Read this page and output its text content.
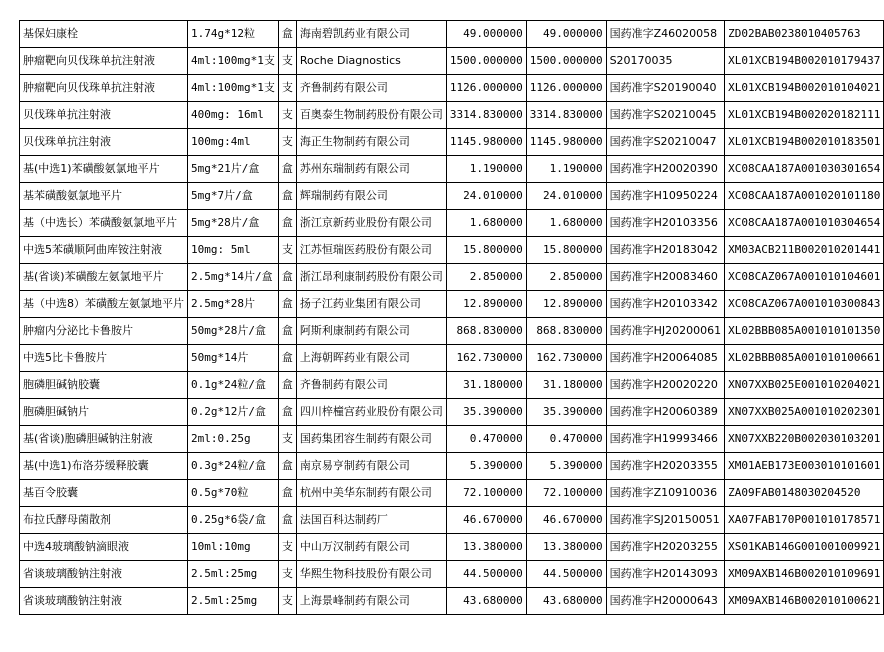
基保妇康栓	1.74g*12粒	盒	海南碧凯药业有限公司	49.000000	49.000000	国药准字Z46020058	ZD02BAB0238010405763
肿瘤靶向贝伐珠单抗注射液	4ml:100mg*1支	支	Roche Diagnostics	1500.000000	1500.000000	S20170035	XL01XCB194B002010179437
肿瘤靶向贝伐珠单抗注射液	4ml:100mg*1支	支	齐鲁制药有限公司	1126.000000	1126.000000	国药准字S20190040	XL01XCB194B002010104021
贝伐珠单抗注射液	400mg: 16ml	支	百奥泰生物制药股份有限公司	3314.830000	3314.830000	国药准字S20210045	XL01XCB194B002020182111
贝伐珠单抗注射液	100mg:4ml	支	海正生物制药有限公司	1145.980000	1145.980000	国药准字S20210047	XL01XCB194B002010183501
基(中选1)苯磺酸氨氯地平片	5mg*21片/盒	盒	苏州东瑞制药有限公司	1.190000	1.190000	国药准字H20020390	XC08CAA187A001030301654
基苯磺酸氨氯地平片	5mg*7片/盒	盒	辉瑞制药有限公司	24.010000	24.010000	国药准字H10950224	XC08CAA187A001020101180
基（中选长）苯磺酸氨氯地平片	5mg*28片/盒	盒	浙江京新药业股份有限公司	1.680000	1.680000	国药准字H20103356	XC08CAA187A001010304654
中选5苯磺顺阿曲库铵注射液	10mg: 5ml	支	江苏恒瑞医药股份有限公司	15.800000	15.800000	国药准字H20183042	XM03ACB211B002010201441
基(省谈)苯磺酸左氨氯地平片	2.5mg*14片/盒	盒	浙江昂利康制药股份有限公司	2.850000	2.850000	国药准字H20083460	XC08CAZ067A001010104601
基（中选8）苯磺酸左氨氯地平片	2.5mg*28片	盒	扬子江药业集团有限公司	12.890000	12.890000	国药准字H20103342	XC08CAZ067A001010300843
肿瘤内分泌比卡鲁胺片	50mg*28片/盒	盒	阿斯利康制药有限公司	868.830000	868.830000	国药准字HJ20200061	XL02BBB085A001010101350
中选5比卡鲁胺片	50mg*14片	盒	上海朝晖药业有限公司	162.730000	162.730000	国药准字H20064085	XL02BBB085A001010100661
胞磷胆碱钠胶囊	0.1g*24粒/盒	盒	齐鲁制药有限公司	31.180000	31.180000	国药准字H20020220	XN07XXB025E001010204021
胞磷胆碱钠片	0.2g*12片/盒	盒	四川梓橦宫药业股份有限公司	35.390000	35.390000	国药准字H20060389	XN07XXB025A001010202301
基(省谈)胞磷胆碱钠注射液	2ml:0.25g	支	国药集团容生制药有限公司	0.470000	0.470000	国药准字H19993466	XN07XXB220B002030103201
基(中选1)布洛芬缓释胶囊	0.3g*24粒/盒	盒	南京易亨制药有限公司	5.390000	5.390000	国药准字H20203355	XM01AEB173E003010101601
基百令胶囊	0.5g*70粒	盒	杭州中美华东制药有限公司	72.100000	72.100000	国药准字Z10910036	ZA09FAB0148030204520
布拉氏酵母菌散剂	0.25g*6袋/盒	盒	法国百科达制药厂	46.670000	46.670000	国药准字SJ20150051	XA07FAB170P001010178571
中选4玻璃酸钠滴眼液	10ml:10mg	支	中山万汉制药有限公司	13.380000	13.380000	国药准字H20203255	XS01KAB146G001001009921
省谈玻璃酸钠注射液	2.5ml:25mg	支	华熙生物科技股份有限公司	44.500000	44.500000	国药准字H20143093	XM09AXB146B002010109691
省谈玻璃酸钠注射液	2.5ml:25mg	支	上海景峰制药有限公司	43.680000	43.680000	国药准字H20000643	XM09AXB146B002010100621
